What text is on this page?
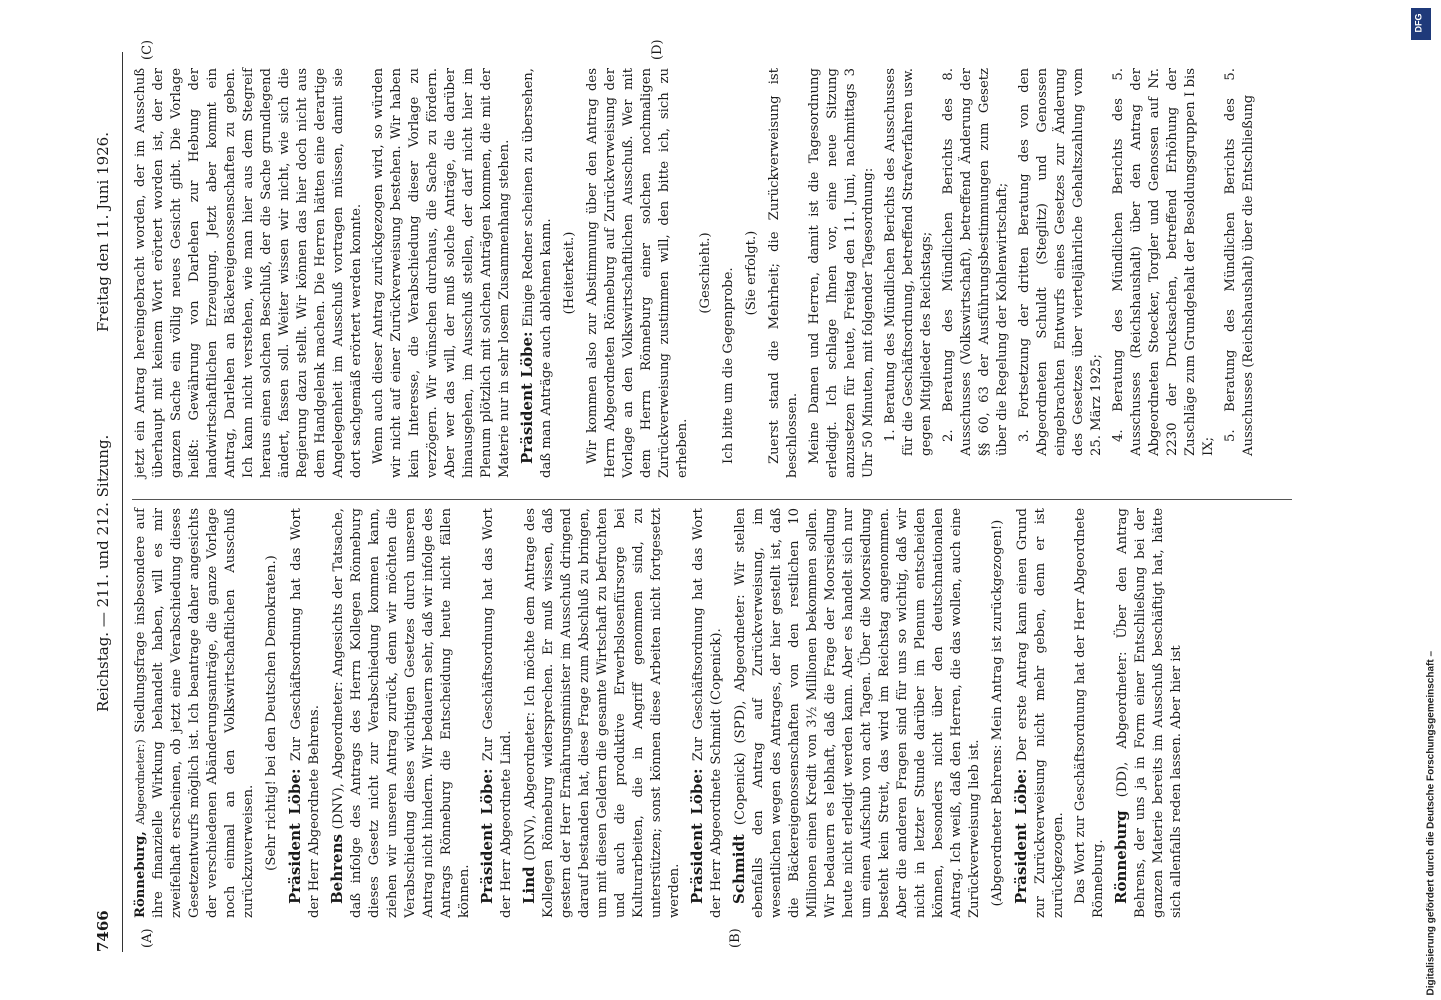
7466
Reichstag. — 211. und 212. Sitzung.
Freitag den 11. Juni 1926.
(A)	(B)
(C)	(D)

Rönneburg, Abgeordneter:) Siedlungsfrage insbesondere auf ihre finanzielle Wirkung behandelt haben, will es mir zweifelhaft erscheinen, ob jetzt eine Verabschiedung dieses Gesetzentwurfs möglich ist. Ich beantrage daher angesichts der verschiedenen Abänderungsanträge, die ganze Vorlage noch einmal an den Volkswirtschaftlichen Ausschuß zurückzuverweisen. (Sehr richtig! bei den Deutschen Demokraten.) Präsident Löbe: Zur Geschäftsordnung hat das Wort der Herr Abgeordnete Behrens. Behrens (DNV), Abgeordneter: Angesichts der Tatsache, daß infolge des Antrags des Herrn Kollegen Rönneburg dieses Gesetz nicht zur Verabschiedung kommen kann, ziehen wir unseren Antrag zurück, denn wir möchten die Verabschiedung dieses wichtigen Gesetzes durch unseren Antrag nicht hindern. Wir bedauern sehr, daß wir infolge des Antrags Rönneburg die Entscheidung heute nicht fällen können. Präsident Löbe: Zur Geschäftsordnung hat das Wort der Herr Abgeordnete Lind. Lind (DNV), Abgeordneter: Ich möchte dem Antrage des Kollegen Rönneburg widersprechen. Er muß wissen, daß gestern der Herr Ernährungsminister im Ausschuß dringend darauf bestanden hat, diese Frage zum Abschluß zu bringen, um mit diesen Geldern die gesamte Wirtschaft zu befruchten und auch die produktive Erwerbslosenfürsorge bei Kulturarbeiten, die in Angriff genommen sind, zu unterstützen; sonst können diese Arbeiten nicht fortgesetzt werden. Präsident Löbe: Zur Geschäftsordnung hat das Wort der Herr Abgeordnete Schmidt (Copenick). Schmidt (Copenick) (SPD), Abgeordneter: Wir stellen ebenfalls den Antrag auf Zurückverweisung, im wesentlichen wegen des Antrages, der hier gestellt ist, daß die Bäckereigenossenschaften von den restlichen 10 Millionen einen Kredit von 3½ Millionen bekommen sollen. Wir bedauern es lebhaft, daß die Frage der Moorsiedlung heute nicht erledigt werden kann. Aber es handelt sich nur um einen Aufschub von acht Tagen. Über die Moorsiedlung besteht kein Streit, das wird im Reichstag angenommen. Aber die anderen Fragen sind für uns so wichtig, daß wir nicht in letzter Stunde darüber im Plenum entscheiden können, besonders nicht über den deutschnationalen Antrag. Ich weiß, daß den Herren, die das wollen, auch eine Zurückverweisung lieb ist. (Abgeordneter Behrens: Mein Antrag ist zurückgezogen!) Präsident Löbe: Der erste Antrag kann einen Grund zur Zurückverweisung nicht mehr geben, denn er ist zurückgezogen. Das Wort zur Geschäftsordnung hat der Herr Abgeordnete Rönneburg. Rönneburg (DD), Abgeordneter: Über den Antrag Behrens, der uns ja in Form einer Entschließung bei der ganzen Materie bereits im Ausschuß beschäftigt hat, hätte sich allenfalls reden lassen. Aber hier ist

jetzt ein Antrag hereingebracht worden, der im Ausschuß überhaupt mit keinem Wort erörtert worden ist, der der ganzen Sache ein völlig neues Gesicht gibt. Die Vorlage heißt: Gewährung von Darlehen zur Hebung der landwirtschaftlichen Erzeugung. Jetzt aber kommt ein Antrag, Darlehen an Bäckereigenossenschaften zu geben. Ich kann nicht verstehen, wie man hier aus dem Stegreif heraus einen solchen Beschluß, der die Sache grundlegend ändert, fassen soll. Weiter wissen wir nicht, wie sich die Regierung dazu stellt. Wir können das hier doch nicht aus dem Handgelenk machen. Die Herren hätten eine derartige Angelegenheit im Ausschuß vortragen müssen, damit sie dort sachgemäß erörtert werden konnte. Wenn auch dieser Antrag zurückgezogen wird, so würden wir nicht auf einer Zurückverweisung bestehen. Wir haben kein Interesse, die Verabschiedung dieser Vorlage zu verzögern. Wir wünschen durchaus, die Sache zu fördern. Aber wer das will, der muß solche Anträge, die darüber hinausgehen, im Ausschuß stellen, der darf nicht hier im Plenum plötzlich mit solchen Anträgen kommen, die mit der Materie nur in sehr losem Zusammenhang stehen. Präsident Löbe: Einige Redner scheinen zu übersehen, daß man Anträge auch ablehnen kann. (Heiterkeit.) Wir kommen also zur Abstimmung über den Antrag des Herrn Abgeordneten Rönneburg auf Zurückverweisung der Vorlage an den Volkswirtschaftlichen Ausschuß. Wer mit dem Herrn Rönneburg einer solchen nochmaligen Zurückverweisung zustimmen will, den bitte ich, sich zu erheben.

(Geschieht.) Ich bitte um die Gegenprobe. (Sie erfolgt.) Zuerst stand die Mehrheit; die Zurückverweisung ist beschlossen. Meine Damen und Herren, damit ist die Tagesordnung erledigt. Ich schlage Ihnen vor, eine neue Sitzung anzusetzen für heute, Freitag den 11. Juni, nachmittags 3 Uhr 50 Minuten, mit folgender Tagesordnung: 1. Beratung des Mündlichen Berichts des Ausschusses für die Geschäftsordnung, betreffend Strafverfahren usw. gegen Mitglieder des Reichstags; 2. Beratung des Mündlichen Berichts des 8. Ausschusses (Volkswirtschaft), betreffend Änderung der §§ 60, 63 der Ausführungsbestimmungen zum Gesetz über die Regelung der Kohlenwirtschaft; 3. Fortsetzung der dritten Beratung des von den Abgeordneten Schuldt (Steglitz) und Genossen eingebrachten Entwurfs eines Gesetzes zur Änderung des Gesetzes über vierteljährliche Gehaltszahlung vom 25. März 1925; 4. Beratung des Mündlichen Berichts des 5. Ausschusses (Reichshaushalt) über den Antrag der Abgeordneten Stoecker, Torgler und Genossen auf Nr. 2230 der Drucksachen, betreffend Erhöhung der Zuschläge zum Grundgehalt der Besoldungsgruppen I bis IX;

5. Beratung des Mündlichen Berichts des 5. Ausschusses (Reichshaushalt) über die Entschließung

DFG
Digitalisierung gefördert durch die Deutsche Forschungsgemeinschaft –
